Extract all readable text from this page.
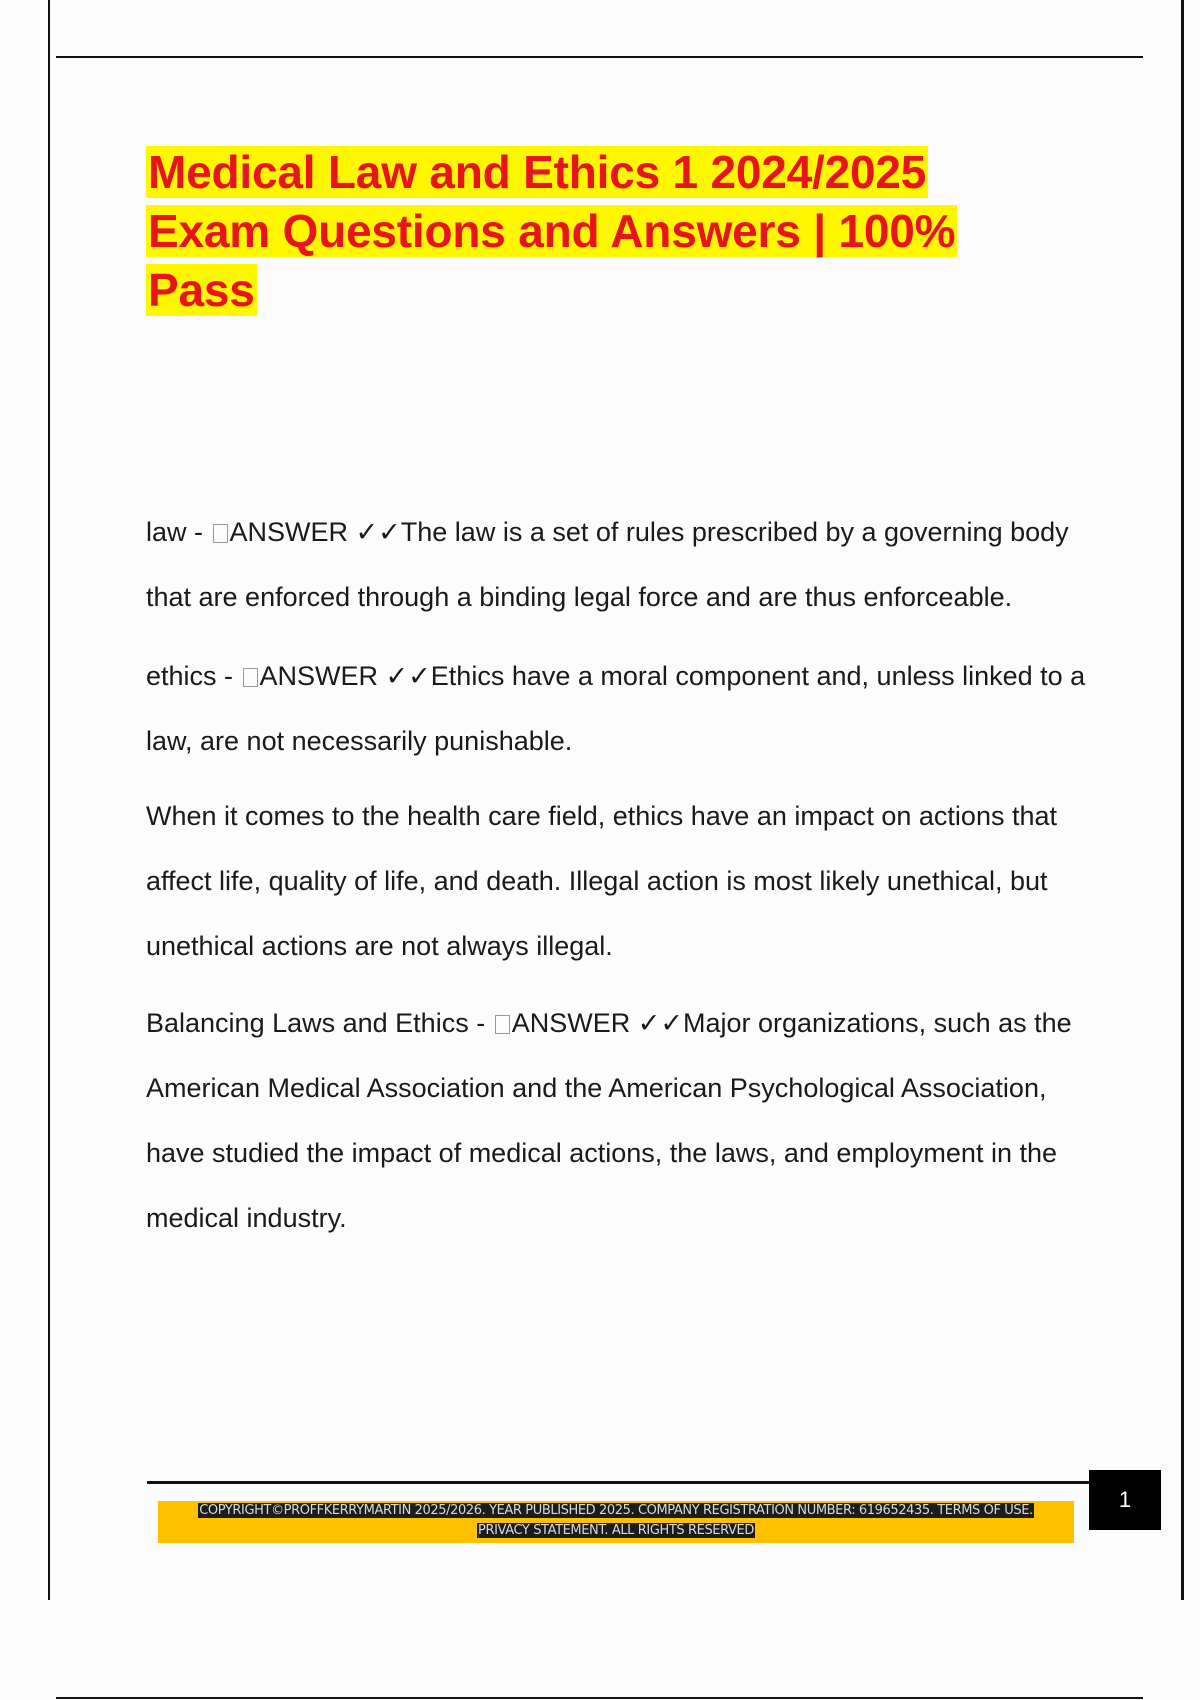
Medical Law and Ethics 1 2024/2025
Exam Questions and Answers | 100%
Pass

law - ANSWER ✓✓The law is a set of rules prescribed by a governing body that are enforced through a binding legal force and are thus enforceable.

ethics - ANSWER ✓✓Ethics have a moral component and, unless linked to a law, are not necessarily punishable.

When it comes to the health care field, ethics have an impact on actions that affect life, quality of life, and death. Illegal action is most likely unethical, but unethical actions are not always illegal.

Balancing Laws and Ethics - ANSWER ✓✓Major organizations, such as the American Medical Association and the American Psychological Association, have studied the impact of medical actions, the laws, and employment in the medical industry.

1
COPYRIGHT©PROFFKERRYMARTIN 2025/2026. YEAR PUBLISHED 2025. COMPANY REGISTRATION NUMBER: 619652435. TERMS OF USE.
PRIVACY STATEMENT. ALL RIGHTS RESERVED
